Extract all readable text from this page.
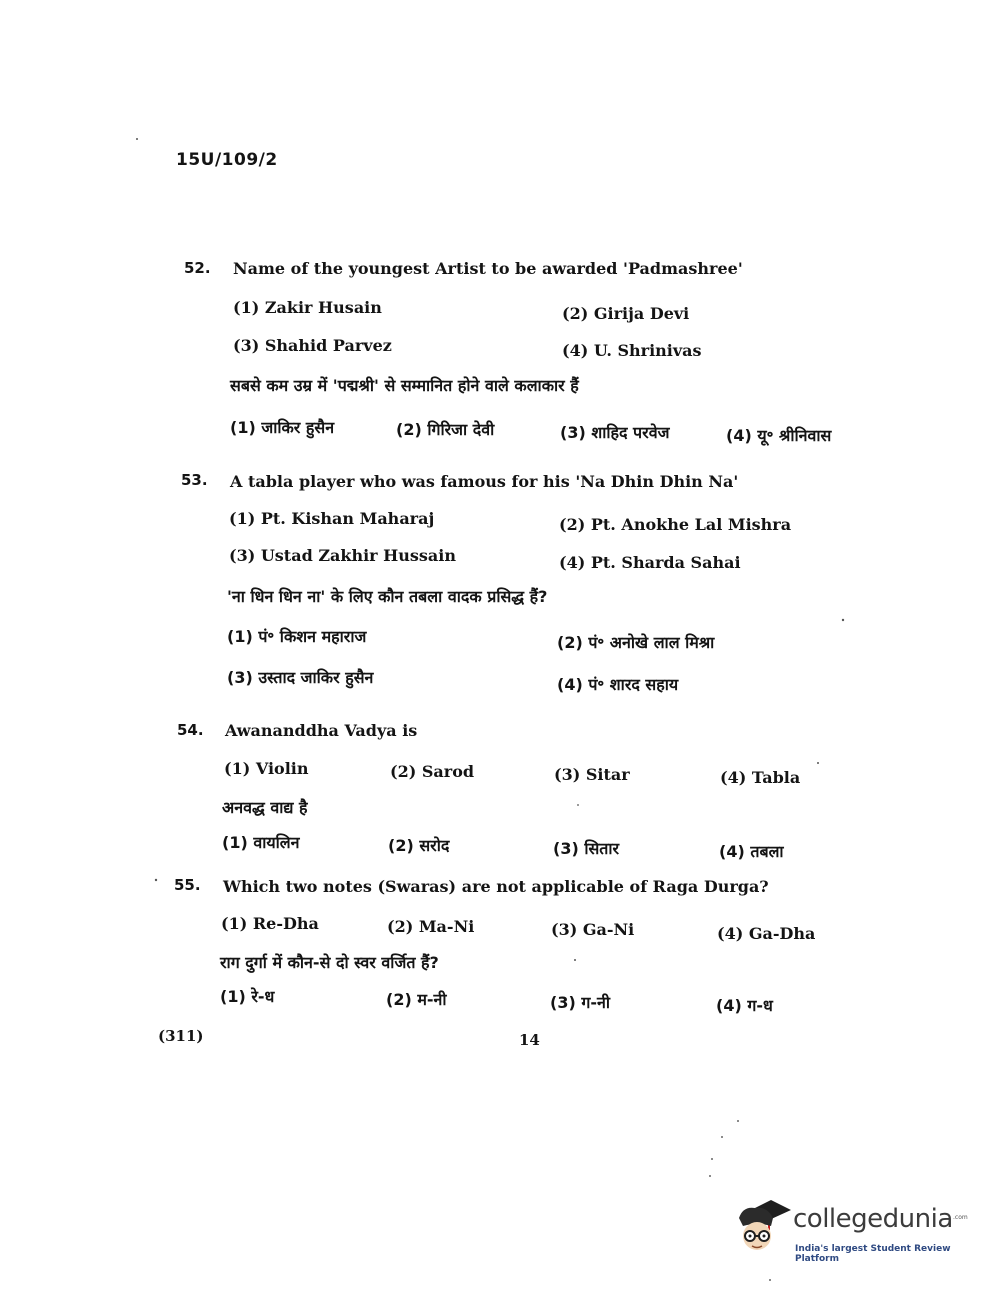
15U/109/2
52. Name of the youngest Artist to be awarded 'Padmashree'
(1) Zakir Husain	(2) Girija Devi
(3) Shahid Parvez	(4) U. Shrinivas
सबसे कम उम्र में 'पद्मश्री' से सम्मानित होने वाले कलाकार हैं
(1) जाकिर हुसैन	(2) गिरिजा देवी	(3) शाहिद परवेज	(4) यू॰ श्रीनिवास
53. A tabla player who was famous for his 'Na Dhin Dhin Na'
(1) Pt. Kishan Maharaj	(2) Pt. Anokhe Lal Mishra
(3) Ustad Zakhir Hussain	(4) Pt. Sharda Sahai
'ना धिन धिन ना' के लिए कौन तबला वादक प्रसिद्ध हैं?
(1) पं॰ किशन महाराज	(2) पं॰ अनोखे लाल मिश्रा
(3) उस्ताद जाकिर हुसैन	(4) पं॰ शारद सहाय
54. Awananddha Vadya is
(1) Violin	(2) Sarod	(3) Sitar	(4) Tabla
अनवद्ध वाद्य है
(1) वायलिन	(2) सरोद	(3) सितार	(4) तबला
55. Which two notes (Swaras) are not applicable of Raga Durga?
(1) Re-Dha	(2) Ma-Ni	(3) Ga-Ni	(4) Ga-Dha
राग दुर्गा में कौन-से दो स्वर वर्जित हैं?
(1) रे-ध	(2) म-नी	(3) ग-नी	(4) ग-ध
(311)	14
collegedunia .com
India's largest Student Review Platform
